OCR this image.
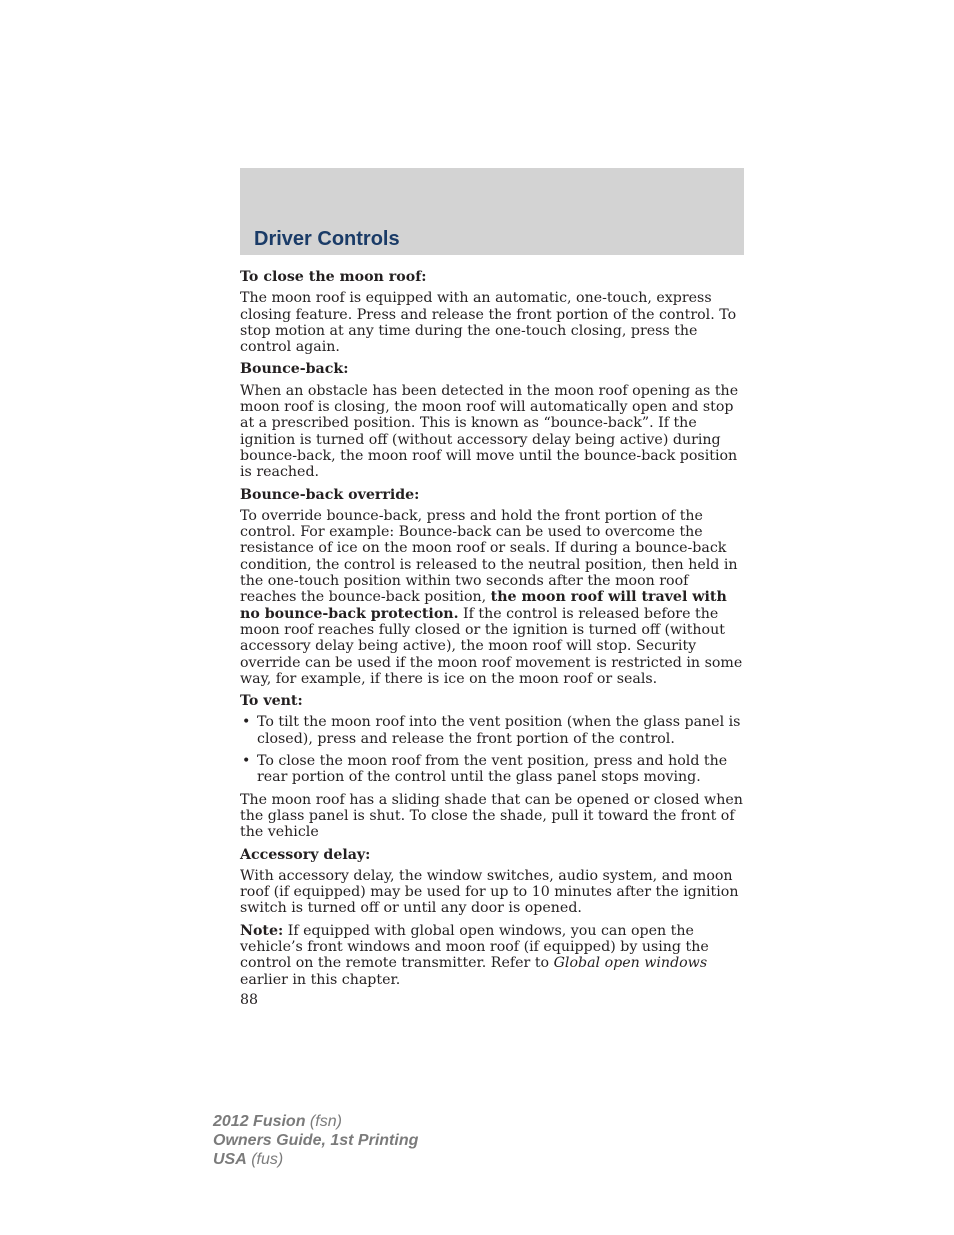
Driver Controls
To close the moon roof:

The moon roof is equipped with an automatic, one-touch, express closing feature. Press and release the front portion of the control. To stop motion at any time during the one-touch closing, press the control again.

Bounce-back:

When an obstacle has been detected in the moon roof opening as the moon roof is closing, the moon roof will automatically open and stop at a prescribed position. This is known as “bounce-back”. If the ignition is turned off (without accessory delay being active) during bounce-back, the moon roof will move until the bounce-back position is reached.

Bounce-back override:

To override bounce-back, press and hold the front portion of the control. For example: Bounce-back can be used to overcome the resistance of ice on the moon roof or seals. If during a bounce-back condition, the control is released to the neutral position, then held in the one-touch position within two seconds after the moon roof reaches the bounce-back position, the moon roof will travel with no bounce-back protection. If the control is released before the moon roof reaches fully closed or the ignition is turned off (without accessory delay being active), the moon roof will stop. Security override can be used if the moon roof movement is restricted in some way, for example, if there is ice on the moon roof or seals.

To vent:
• To tilt the moon roof into the vent position (when the glass panel is closed), press and release the front portion of the control.
• To close the moon roof from the vent position, press and hold the rear portion of the control until the glass panel stops moving.

The moon roof has a sliding shade that can be opened or closed when the glass panel is shut. To close the shade, pull it toward the front of the vehicle

Accessory delay:

With accessory delay, the window switches, audio system, and moon roof (if equipped) may be used for up to 10 minutes after the ignition switch is turned off or until any door is opened.

Note: If equipped with global open windows, you can open the vehicle’s front windows and moon roof (if equipped) by using the control on the remote transmitter. Refer to Global open windows earlier in this chapter.

88
2012 Fusion (fsn)
Owners Guide, 1st Printing
USA (fus)
